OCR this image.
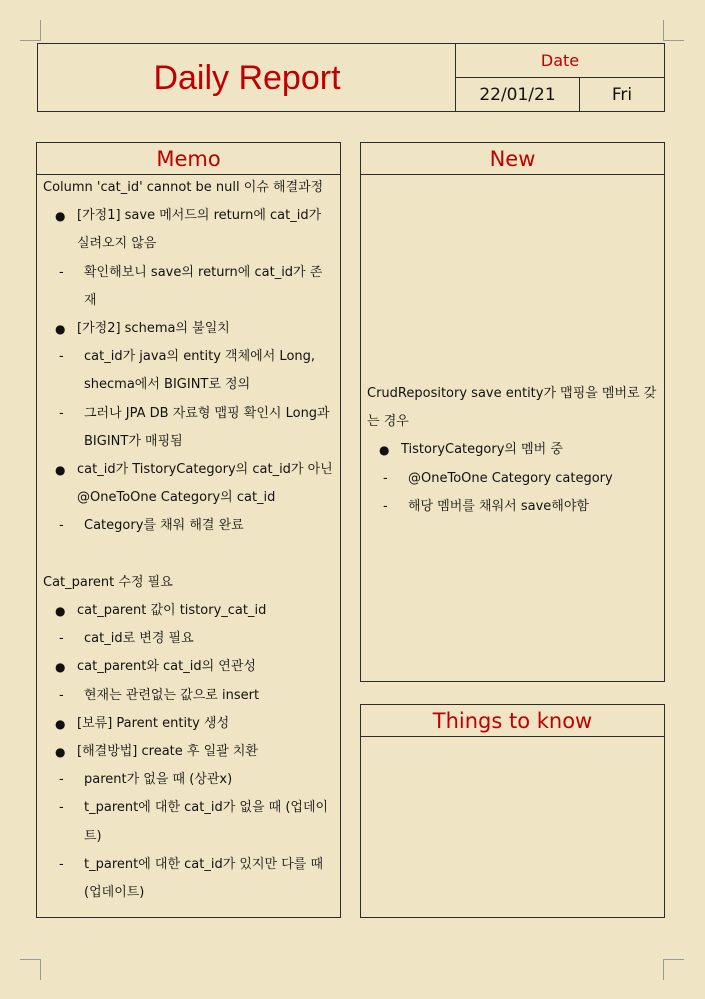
Daily Report	Date
22/01/21	Fri
Memo
Column 'cat_id' cannot be null 이슈 해결과정
● [가정1] save 메서드의 return에 cat_id가
실려오지 않음
- 확인해보니 save의 return에 cat_id가 존
재
● [가정2] schema의 불일치
- cat_id가 java의 entity 객체에서 Long,
shecma에서 BIGINT로 정의
- 그러나 JPA DB 자료형 맵핑 확인시 Long과
BIGINT가 매핑됨
● cat_id가 TistoryCategory의 cat_id가 아닌
@OneToOne Category의 cat_id
- Category를 채워 해결 완료
Cat_parent 수정 필요
● cat_parent 값이 tistory_cat_id
- cat_id로 변경 필요
● cat_parent와 cat_id의 연관성
- 현재는 관련없는 값으로 insert
● [보류] Parent entity 생성
● [해결방법] create 후 일괄 치환
- parent가 없을 때 (상관x)
- t_parent에 대한 cat_id가 없을 때 (업데이
트)
- t_parent에 대한 cat_id가 있지만 다를 때
(업데이트)
New
CrudRepository save entity가 맵핑을 멤버로 갖
는 경우
● TistoryCategory의 멤버 중
- @OneToOne Category category
- 해당 멤버를 채워서 save해야함
Things to know
